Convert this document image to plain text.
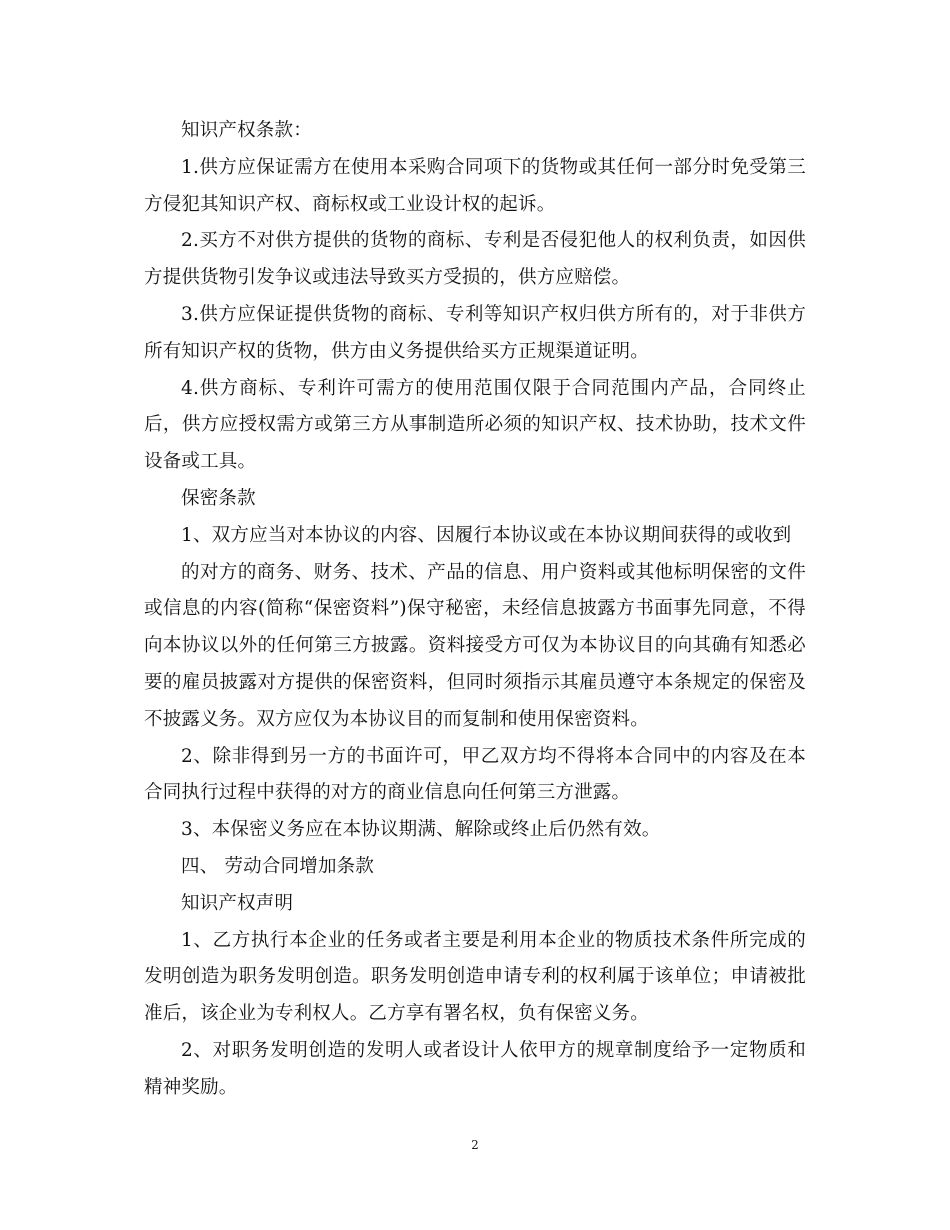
知识产权条款：

1.供方应保证需方在使用本采购合同项下的货物或其任何一部分时免受第三方侵犯其知识产权、商标权或工业设计权的起诉。

2.买方不对供方提供的货物的商标、专利是否侵犯他人的权利负责，如因供方提供货物引发争议或违法导致买方受损的，供方应赔偿。

3.供方应保证提供货物的商标、专利等知识产权归供方所有的，对于非供方所有知识产权的货物，供方由义务提供给买方正规渠道证明。

4.供方商标、专利许可需方的使用范围仅限于合同范围内产品，合同终止后，供方应授权需方或第三方从事制造所必须的知识产权、技术协助，技术文件设备或工具。

保密条款

1、双方应当对本协议的内容、因履行本协议或在本协议期间获得的或收到

的对方的商务、财务、技术、产品的信息、用户资料或其他标明保密的文件或信息的内容(简称“保密资料”)保守秘密，未经信息披露方书面事先同意，不得向本协议以外的任何第三方披露。资料接受方可仅为本协议目的向其确有知悉必要的雇员披露对方提供的保密资料，但同时须指示其雇员遵守本条规定的保密及不披露义务。双方应仅为本协议目的而复制和使用保密资料。

2、除非得到另一方的书面许可，甲乙双方均不得将本合同中的内容及在本合同执行过程中获得的对方的商业信息向任何第三方泄露。

3、本保密义务应在本协议期满、解除或终止后仍然有效。

四、 劳动合同增加条款

知识产权声明

1、乙方执行本企业的任务或者主要是利用本企业的物质技术条件所完成的发明创造为职务发明创造。职务发明创造申请专利的权利属于该单位；申请被批准后，该企业为专利权人。乙方享有署名权，负有保密义务。

2、对职务发明创造的发明人或者设计人依甲方的规章制度给予一定物质和精神奖励。

2
